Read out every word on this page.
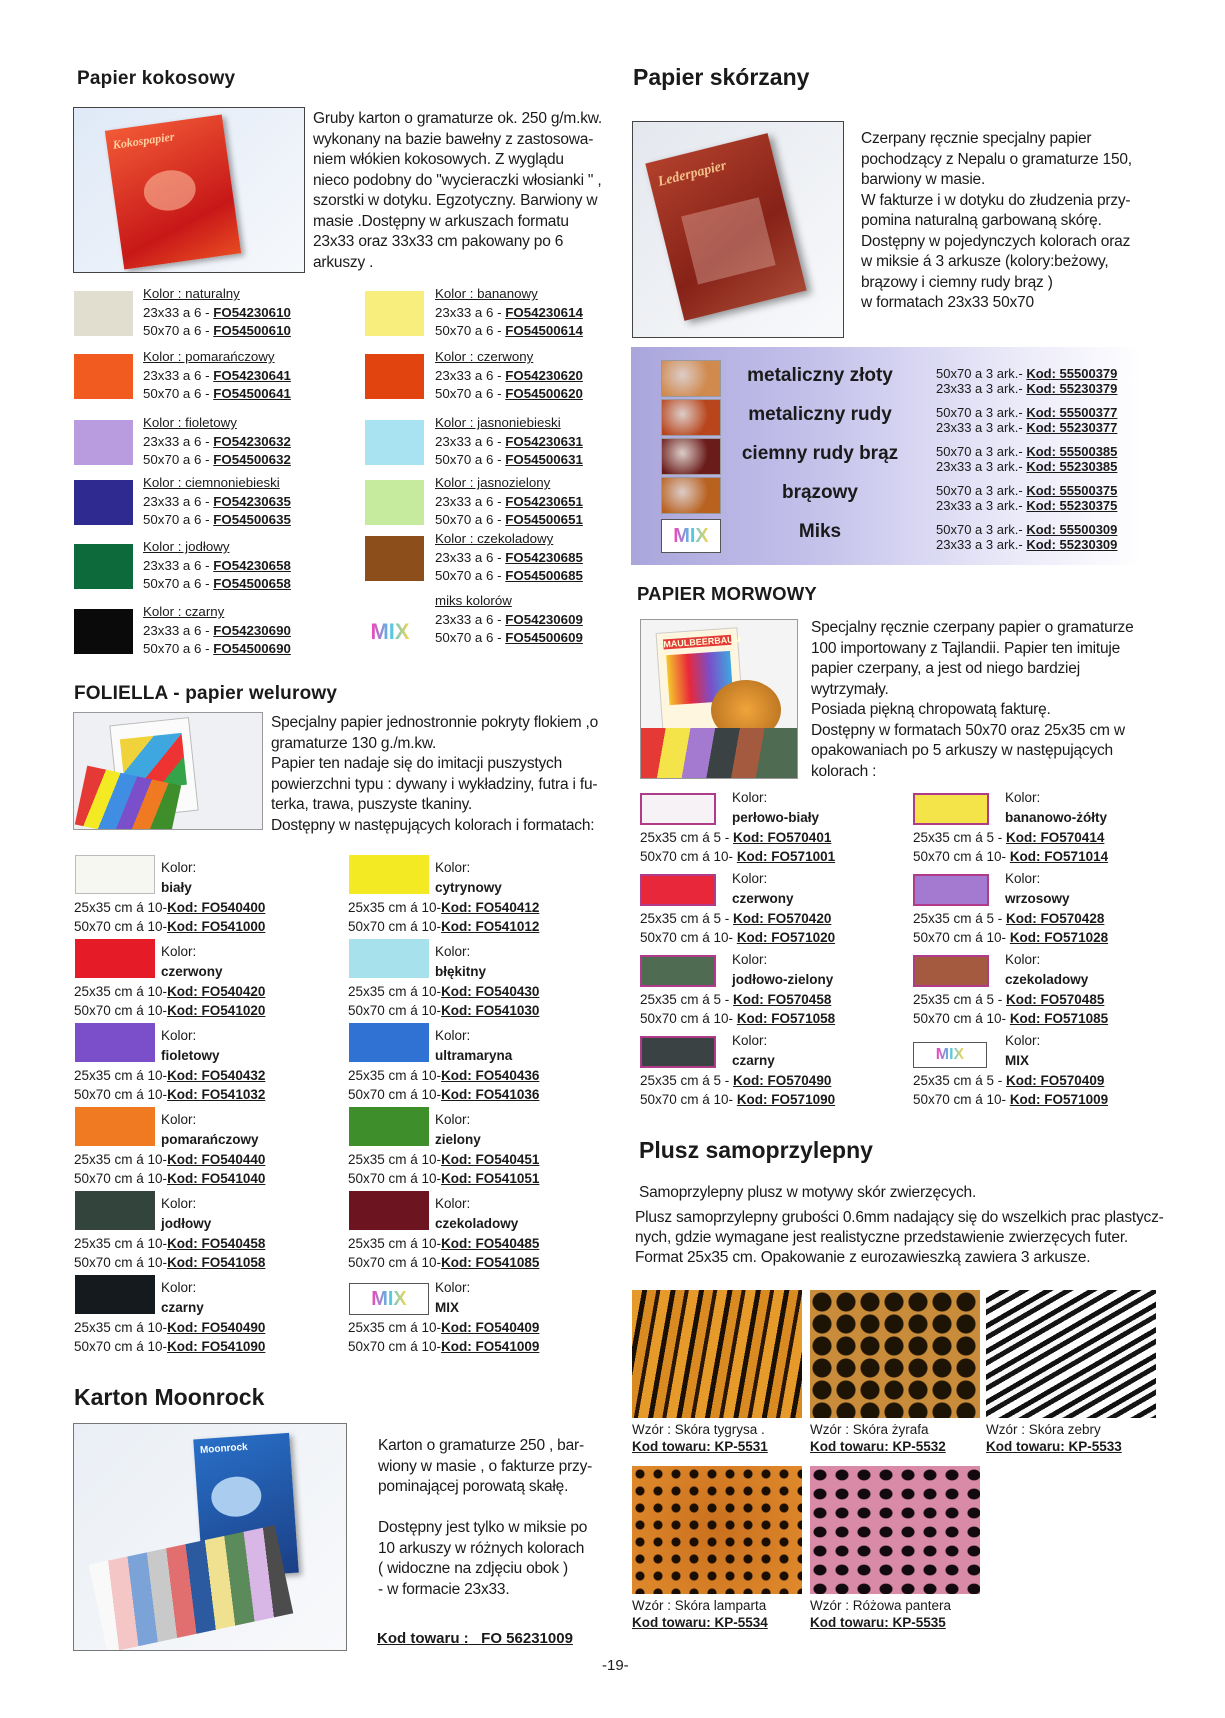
Papier kokosowy
Kokospapier
Gruby karton o gramaturze ok. 250 g/m.kw.
wykonany na bazie bawełny z zastosowa-
niem włókien kokosowych. Z wyglądu
nieco podobny do "wycieraczki włosianki " ,
szorstki w dotyku. Egzotyczny. Barwiony w
masie .Dostępny w arkuszach formatu
23x33 oraz 33x33 cm pakowany po 6
arkuszy .
Papier skórzany
Lederpapier
Czerpany ręcznie specjalny papier
pochodzący z Nepalu o gramaturze 150,
barwiony w masie.
W fakturze i w dotyku do złudzenia przy-
pomina naturalną garbowaną skórę.
Dostępny w pojedynczych kolorach oraz
w miksie á 3 arkusze (kolory:beżowy,
brązowy i ciemny rudy brąz )
w formatach 23x33 50x70
FOLIELLA - papier welurowy
Specjalny papier jednostronnie pokryty flokiem ,o
gramaturze 130 g./m.kw.
Papier ten nadaje się do imitacji puszystych
powierzchni typu : dywany i wykładziny, futra i fu-
terka, trawa, puszyste tkaniny.
Dostępny w następujących kolorach i formatach:
PAPIER MORWOWY
MAULBEERBAUM
Specjalny ręcznie czerpany papier o gramaturze
100 importowany z Tajlandii. Papier ten imituje
papier czerpany, a jest od niego bardziej
wytrzymały.
Posiada piękną chropowatą fakturę.
Dostępny w formatach 50x70 oraz 25x35 cm w
opakowaniach po 5 arkuszy w następujących
kolorach :
Plusz samoprzylepny
Samoprzylepny plusz w motywy skór zwierzęcych.
Plusz samoprzylepny grubości 0.6mm nadający się do wszelkich prac plastycz-
nych, gdzie wymagane jest realistyczne przedstawienie zwierzęcych futer.
Format 25x35 cm. Opakowanie z eurozawieszką zawiera 3 arkusze.
Karton Moonrock
Moonrock	Karton o gramaturze 250 , bar-
wiony w masie , o fakturze przy-
pominającej porowatą skałę.
Dostępny jest tylko w miksie po
10 arkuszy w różnych kolorach
( widoczne na zdjęciu obok )
- w formacie 23x33.
Kod towaru : FO 56231009
-19-
Kolor : naturalny
23x33 a 6 - FO54230610
50x70 a 6 - FO54500610
Kolor : pomarańczowy
23x33 a 6 - FO54230641
50x70 a 6 - FO54500641
Kolor : fioletowy
23x33 a 6 - FO54230632
50x70 a 6 - FO54500632
Kolor : ciemnoniebieski
23x33 a 6 - FO54230635
50x70 a 6 - FO54500635
Kolor : jodłowy
23x33 a 6 - FO54230658
50x70 a 6 - FO54500658
Kolor : czarny
23x33 a 6 - FO54230690
50x70 a 6 - FO54500690
Kolor : bananowy
23x33 a 6 - FO54230614
50x70 a 6 - FO54500614
Kolor : czerwony
23x33 a 6 - FO54230620
50x70 a 6 - FO54500620
Kolor : jasnoniebieski
23x33 a 6 - FO54230631
50x70 a 6 - FO54500631
Kolor : jasnozielony
23x33 a 6 - FO54230651
50x70 a 6 - FO54500651
Kolor : czekoladowy
23x33 a 6 - FO54230685
50x70 a 6 - FO54500685
MIX
miks kolorów
23x33 a 6 - FO54230609
50x70 a 6 - FO54500609
metaliczny złoty	50x70 a 3 ark.- Kod: 55500379
23x33 a 3 ark.- Kod: 55230379
metaliczny rudy	50x70 a 3 ark.- Kod: 55500377
23x33 a 3 ark.- Kod: 55230377
ciemny rudy brąz	50x70 a 3 ark.- Kod: 55500385
23x33 a 3 ark.- Kod: 55230385
brązowy	50x70 a 3 ark.- Kod: 55500375
23x33 a 3 ark.- Kod: 55230375
MIX	Miks	50x70 a 3 ark.- Kod: 55500309
23x33 a 3 ark.- Kod: 55230309
Kolor:
biały
25x35 cm á 10-Kod: FO540400
50x70 cm á 10-Kod: FO541000
Kolor:
czerwony
25x35 cm á 10-Kod: FO540420
50x70 cm á 10-Kod: FO541020
Kolor:
fioletowy
25x35 cm á 10-Kod: FO540432
50x70 cm á 10-Kod: FO541032
Kolor:
pomarańczowy
25x35 cm á 10-Kod: FO540440
50x70 cm á 10-Kod: FO541040
Kolor:
jodłowy
25x35 cm á 10-Kod: FO540458
50x70 cm á 10-Kod: FO541058
Kolor:
czarny
25x35 cm á 10-Kod: FO540490
50x70 cm á 10-Kod: FO541090
Kolor:
cytrynowy
25x35 cm á 10-Kod: FO540412
50x70 cm á 10-Kod: FO541012
Kolor:
błękitny
25x35 cm á 10-Kod: FO540430
50x70 cm á 10-Kod: FO541030
Kolor:
ultramaryna
25x35 cm á 10-Kod: FO540436
50x70 cm á 10-Kod: FO541036
Kolor:
zielony
25x35 cm á 10-Kod: FO540451
50x70 cm á 10-Kod: FO541051
Kolor:
czekoladowy
25x35 cm á 10-Kod: FO540485
50x70 cm á 10-Kod: FO541085
MIX
Kolor:
MIX
25x35 cm á 10-Kod: FO540409
50x70 cm á 10-Kod: FO541009
Kolor:
perłowo-biały
25x35 cm á 5 - Kod: FO570401
50x70 cm á 10- Kod: FO571001
Kolor:
czerwony
25x35 cm á 5 - Kod: FO570420
50x70 cm á 10- Kod: FO571020
Kolor:
jodłowo-zielony
25x35 cm á 5 - Kod: FO570458
50x70 cm á 10- Kod: FO571058
Kolor:
czarny
25x35 cm á 5 - Kod: FO570490
50x70 cm á 10- Kod: FO571090
Kolor:
bananowo-żółty
25x35 cm á 5 - Kod: FO570414
50x70 cm á 10- Kod: FO571014
Kolor:
wrzosowy
25x35 cm á 5 - Kod: FO570428
50x70 cm á 10- Kod: FO571028
Kolor:
czekoladowy
25x35 cm á 5 - Kod: FO570485
50x70 cm á 10- Kod: FO571085
MIX
Kolor:
MIX
25x35 cm á 5 - Kod: FO570409
50x70 cm á 10- Kod: FO571009
Wzór : Skóra tygrysa .
Kod towaru: KP-5531
Wzór : Skóra żyrafa
Kod towaru: KP-5532
Wzór : Skóra zebry
Kod towaru: KP-5533
Wzór : Skóra lamparta
Kod towaru: KP-5534
Wzór : Różowa pantera
Kod towaru: KP-5535
